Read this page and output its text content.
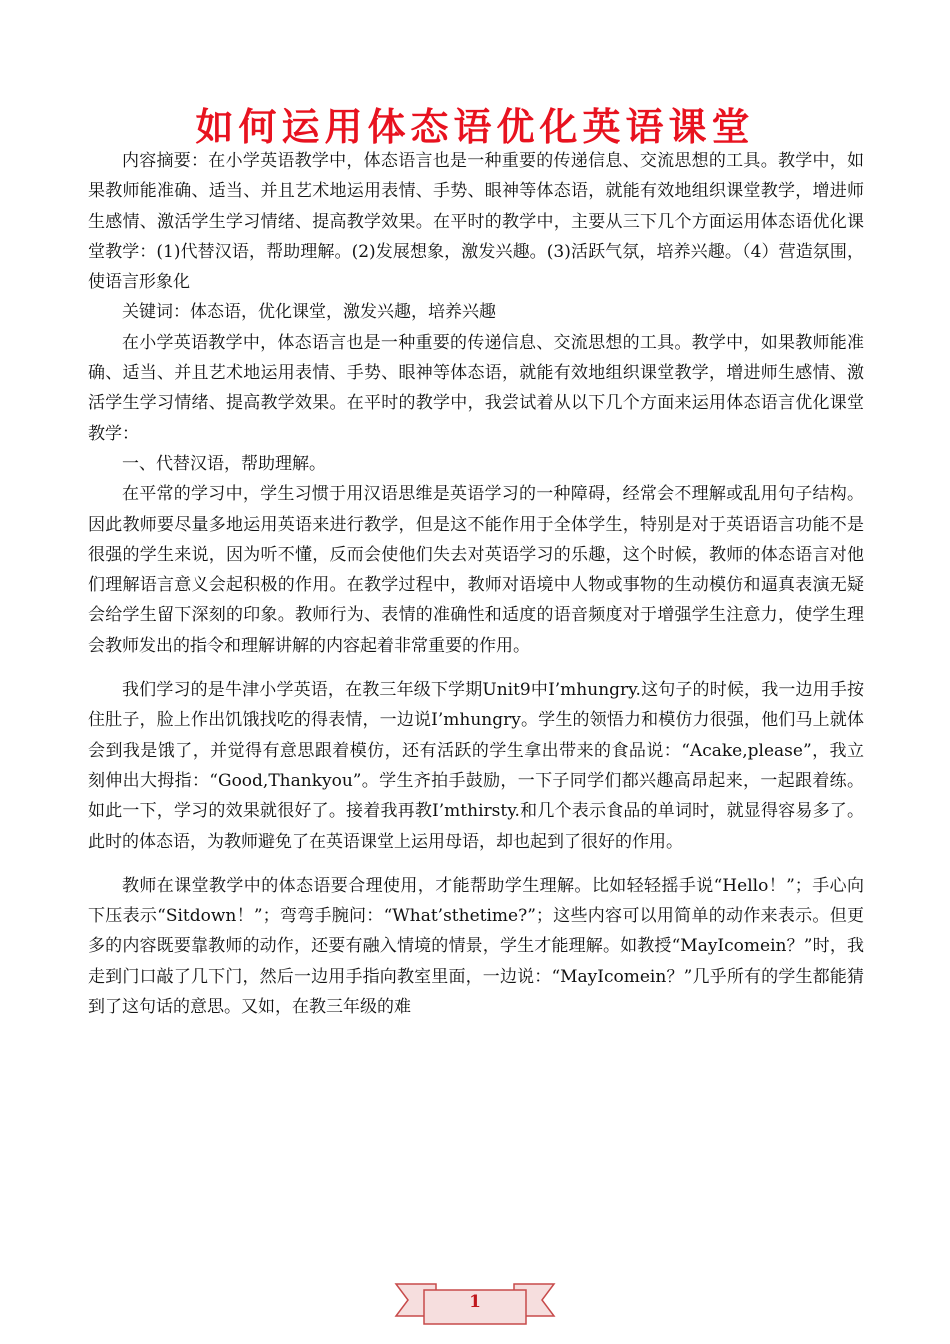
如何运用体态语优化英语课堂

内容摘要：在小学英语教学中，体态语言也是一种重要的传递信息、交流思想的工具。教学中，如果教师能准确、适当、并且艺术地运用表情、手势、眼神等体态语，就能有效地组织课堂教学，增进师生感情、激活学生学习情绪、提高教学效果。在平时的教学中，主要从三下几个方面运用体态语优化课堂教学：(1)代替汉语，帮助理解。(2)发展想象，激发兴趣。(3)活跃气氛，培养兴趣。（4）营造氛围，使语言形象化

关键词：体态语，优化课堂，激发兴趣，培养兴趣

在小学英语教学中，体态语言也是一种重要的传递信息、交流思想的工具。教学中，如果教师能准确、适当、并且艺术地运用表情、手势、眼神等体态语，就能有效地组织课堂教学，增进师生感情、激活学生学习情绪、提高教学效果。在平时的教学中，我尝试着从以下几个方面来运用体态语言优化课堂教学：

一、代替汉语，帮助理解。

在平常的学习中，学生习惯于用汉语思维是英语学习的一种障碍，经常会不理解或乱用句子结构。因此教师要尽量多地运用英语来进行教学，但是这不能作用于全体学生，特别是对于英语语言功能不是很强的学生来说，因为听不懂，反而会使他们失去对英语学习的乐趣，这个时候，教师的体态语言对他们理解语言意义会起积极的作用。在教学过程中，教师对语境中人物或事物的生动模仿和逼真表演无疑会给学生留下深刻的印象。教师行为、表情的准确性和适度的语音频度对于增强学生注意力，使学生理会教师发出的指令和理解讲解的内容起着非常重要的作用。

我们学习的是牛津小学英语，在教三年级下学期Unit9中I’mhungry.这句子的时候，我一边用手按住肚子，脸上作出饥饿找吃的得表情，一边说I’mhungry。学生的领悟力和模仿力很强，他们马上就体会到我是饿了，并觉得有意思跟着模仿，还有活跃的学生拿出带来的食品说：“Acake,please”，我立刻伸出大拇指：“Good,Thankyou”。学生齐拍手鼓励，一下子同学们都兴趣高昂起来，一起跟着练。如此一下，学习的效果就很好了。接着我再教I’mthirsty.和几个表示食品的单词时，就显得容易多了。此时的体态语，为教师避免了在英语课堂上运用母语，却也起到了很好的作用。

教师在课堂教学中的体态语要合理使用，才能帮助学生理解。比如轻轻摇手说“Hello！”；手心向下压表示“Sitdown！”；弯弯手腕问：“What’sthetime?”；这些内容可以用简单的动作来表示。但更多的内容既要靠教师的动作，还要有融入情境的情景，学生才能理解。如教授“MayIcomein？”时，我走到门口敲了几下门，然后一边用手指向教室里面，一边说：“MayIcomein？”几乎所有的学生都能猜到了这句话的意思。又如，在教三年级的难

1
